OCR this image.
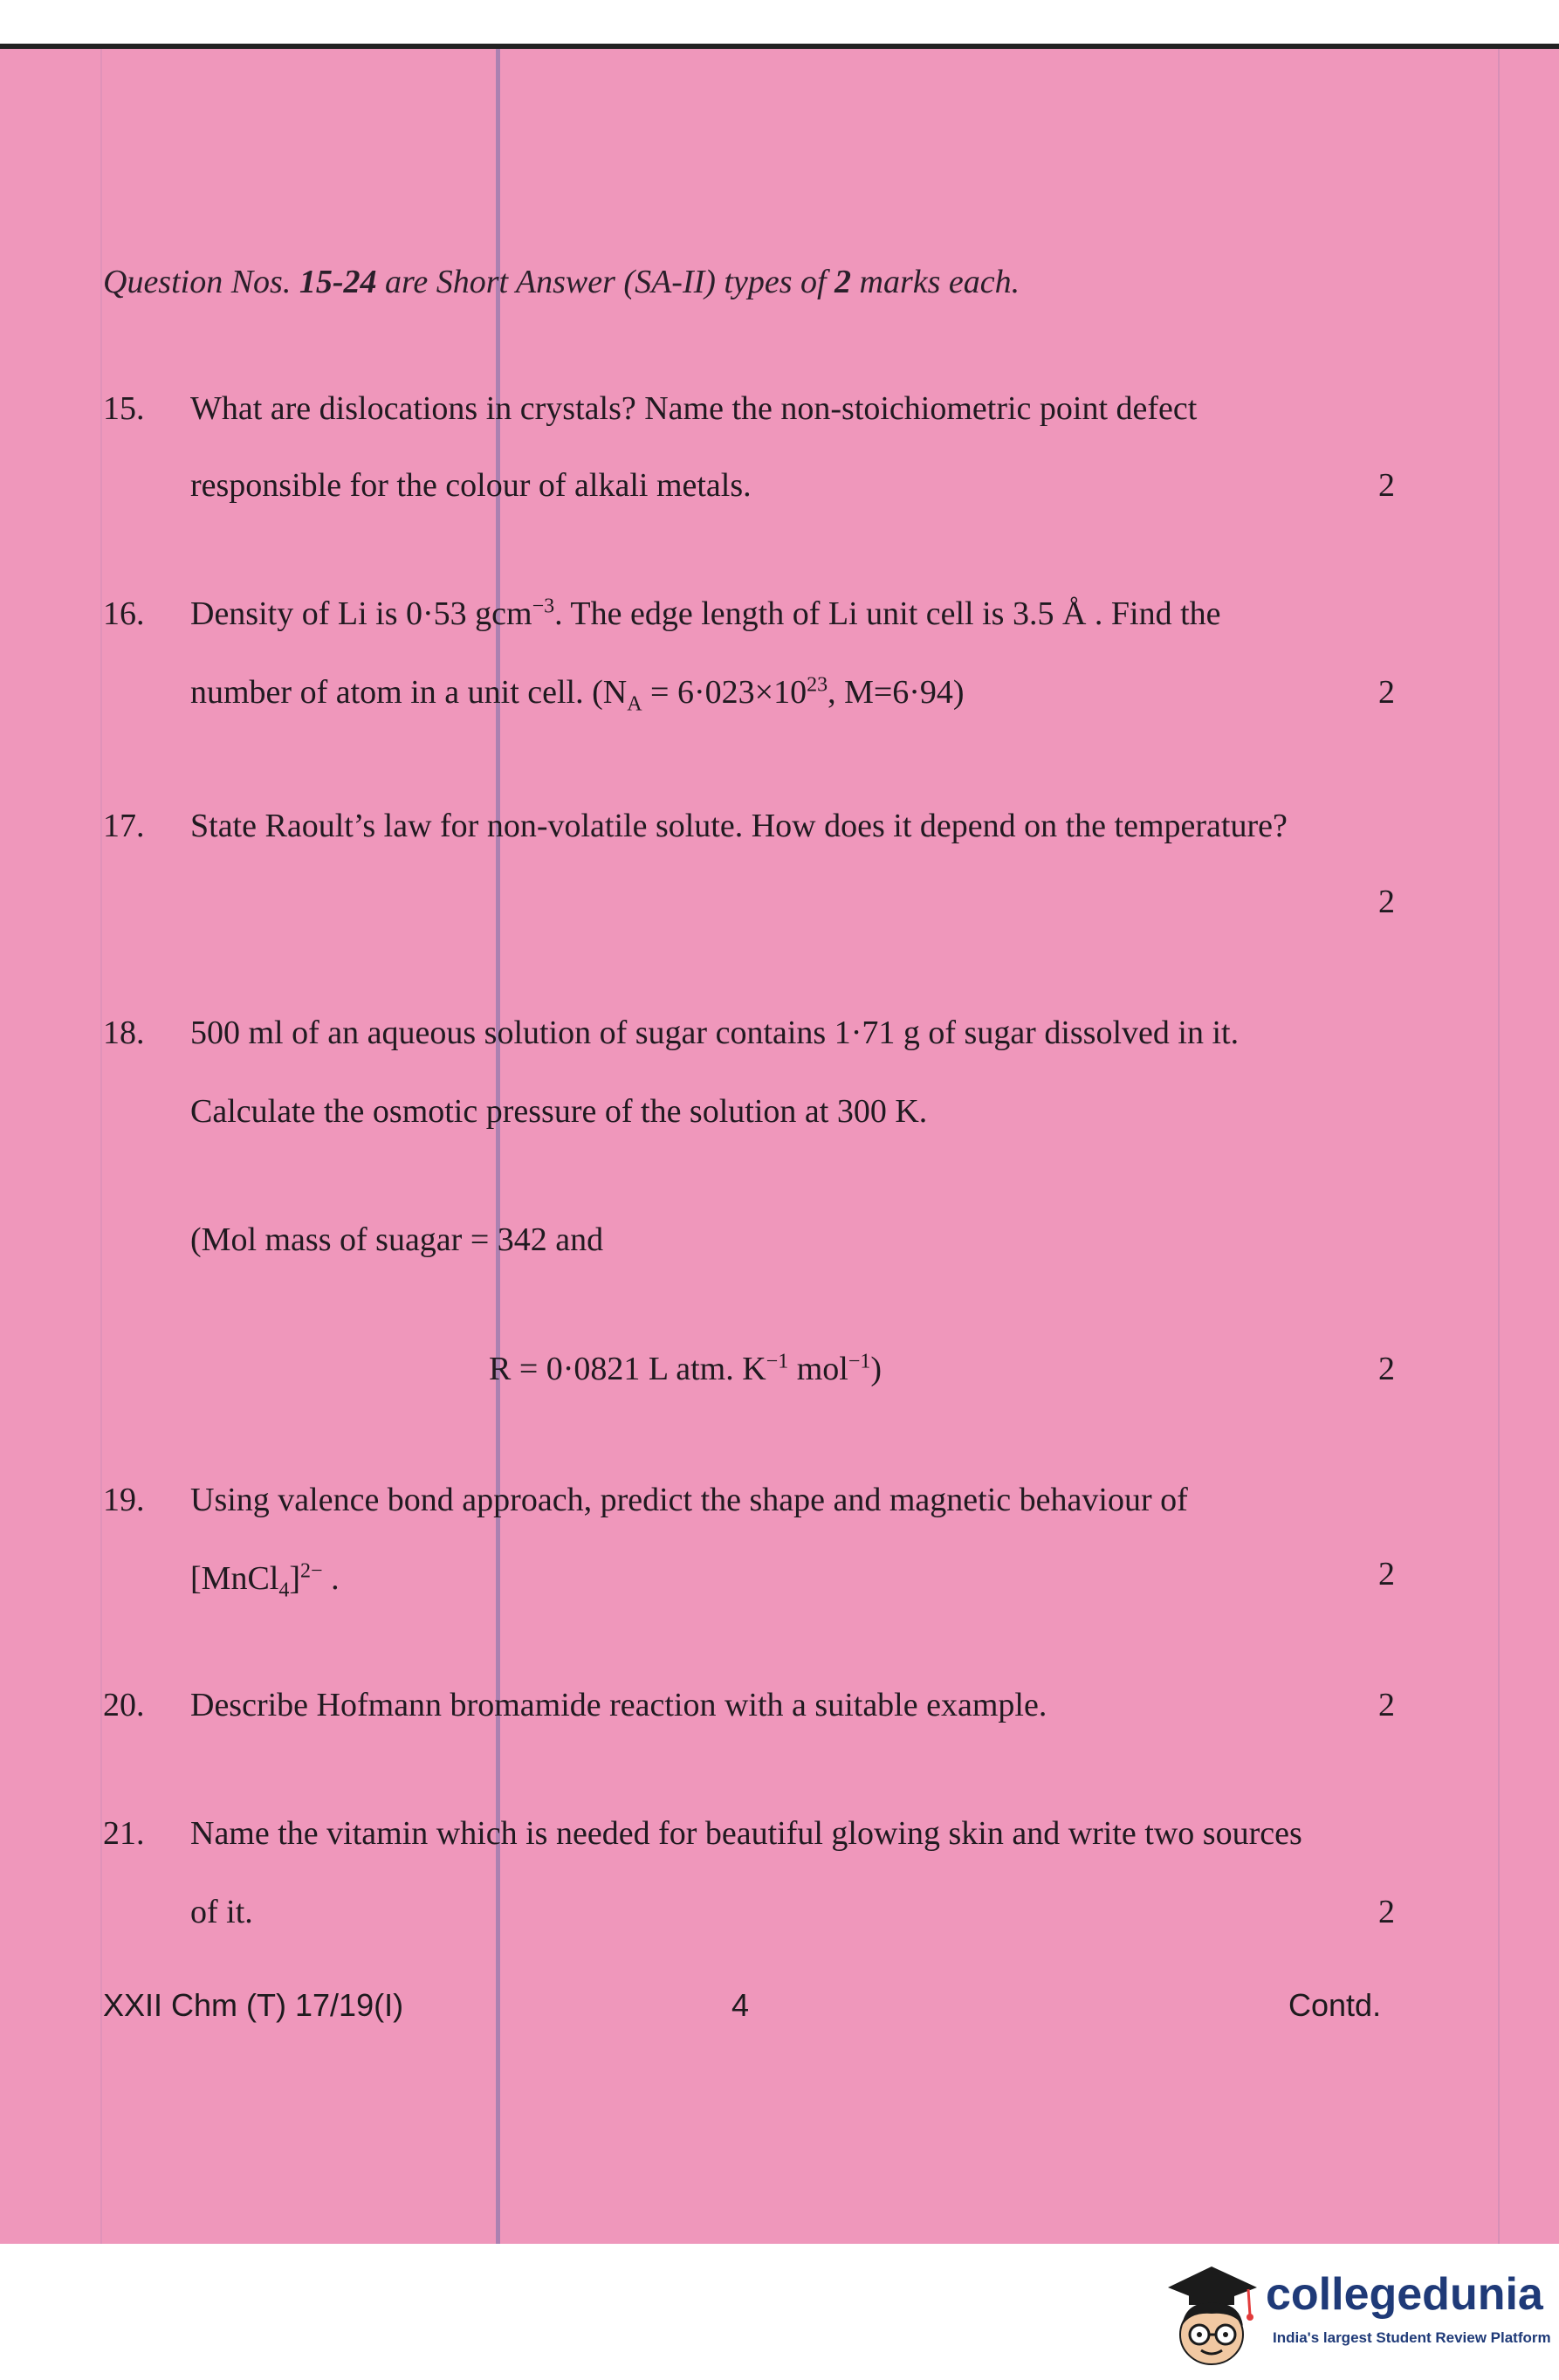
Question Nos. 15-24 are Short Answer (SA-II) types of 2 marks each.
15. What are dislocations in crystals? Name the non-stoichiometric point defect
responsible for the colour of alkali metals.	2
16. Density of Li is 0·53 gcm$^{-3}$. The edge length of Li unit cell is 3.5 Å . Find the
number of atom in a unit cell. ($N_A = 6\cdot 023\times 10^{23}$, M=6·94)	2
17. State Raoult’s law for non-volatile solute. How does it depend on the temperature?
2
18. 500 ml of an aqueous solution of sugar contains 1·71 g of sugar dissolved in it.
Calculate the osmotic pressure of the solution at 300 K.
(Mol mass of suagar = 342 and
R = 0·0821 L atm. $K^{-1}$ mol$^{-1}$)	2
19. Using valence bond approach, predict the shape and magnetic behaviour of
[MnCl$_4$]$^{2-}$ .	2
20. Describe Hofmann bromamide reaction with a suitable example.	2
21. Name the vitamin which is needed for beautiful glowing skin and write two sources
of it.	2
XXII Chm (T) 17/19(I)	4	Contd.
collegedunia
India's largest Student Review Platform
